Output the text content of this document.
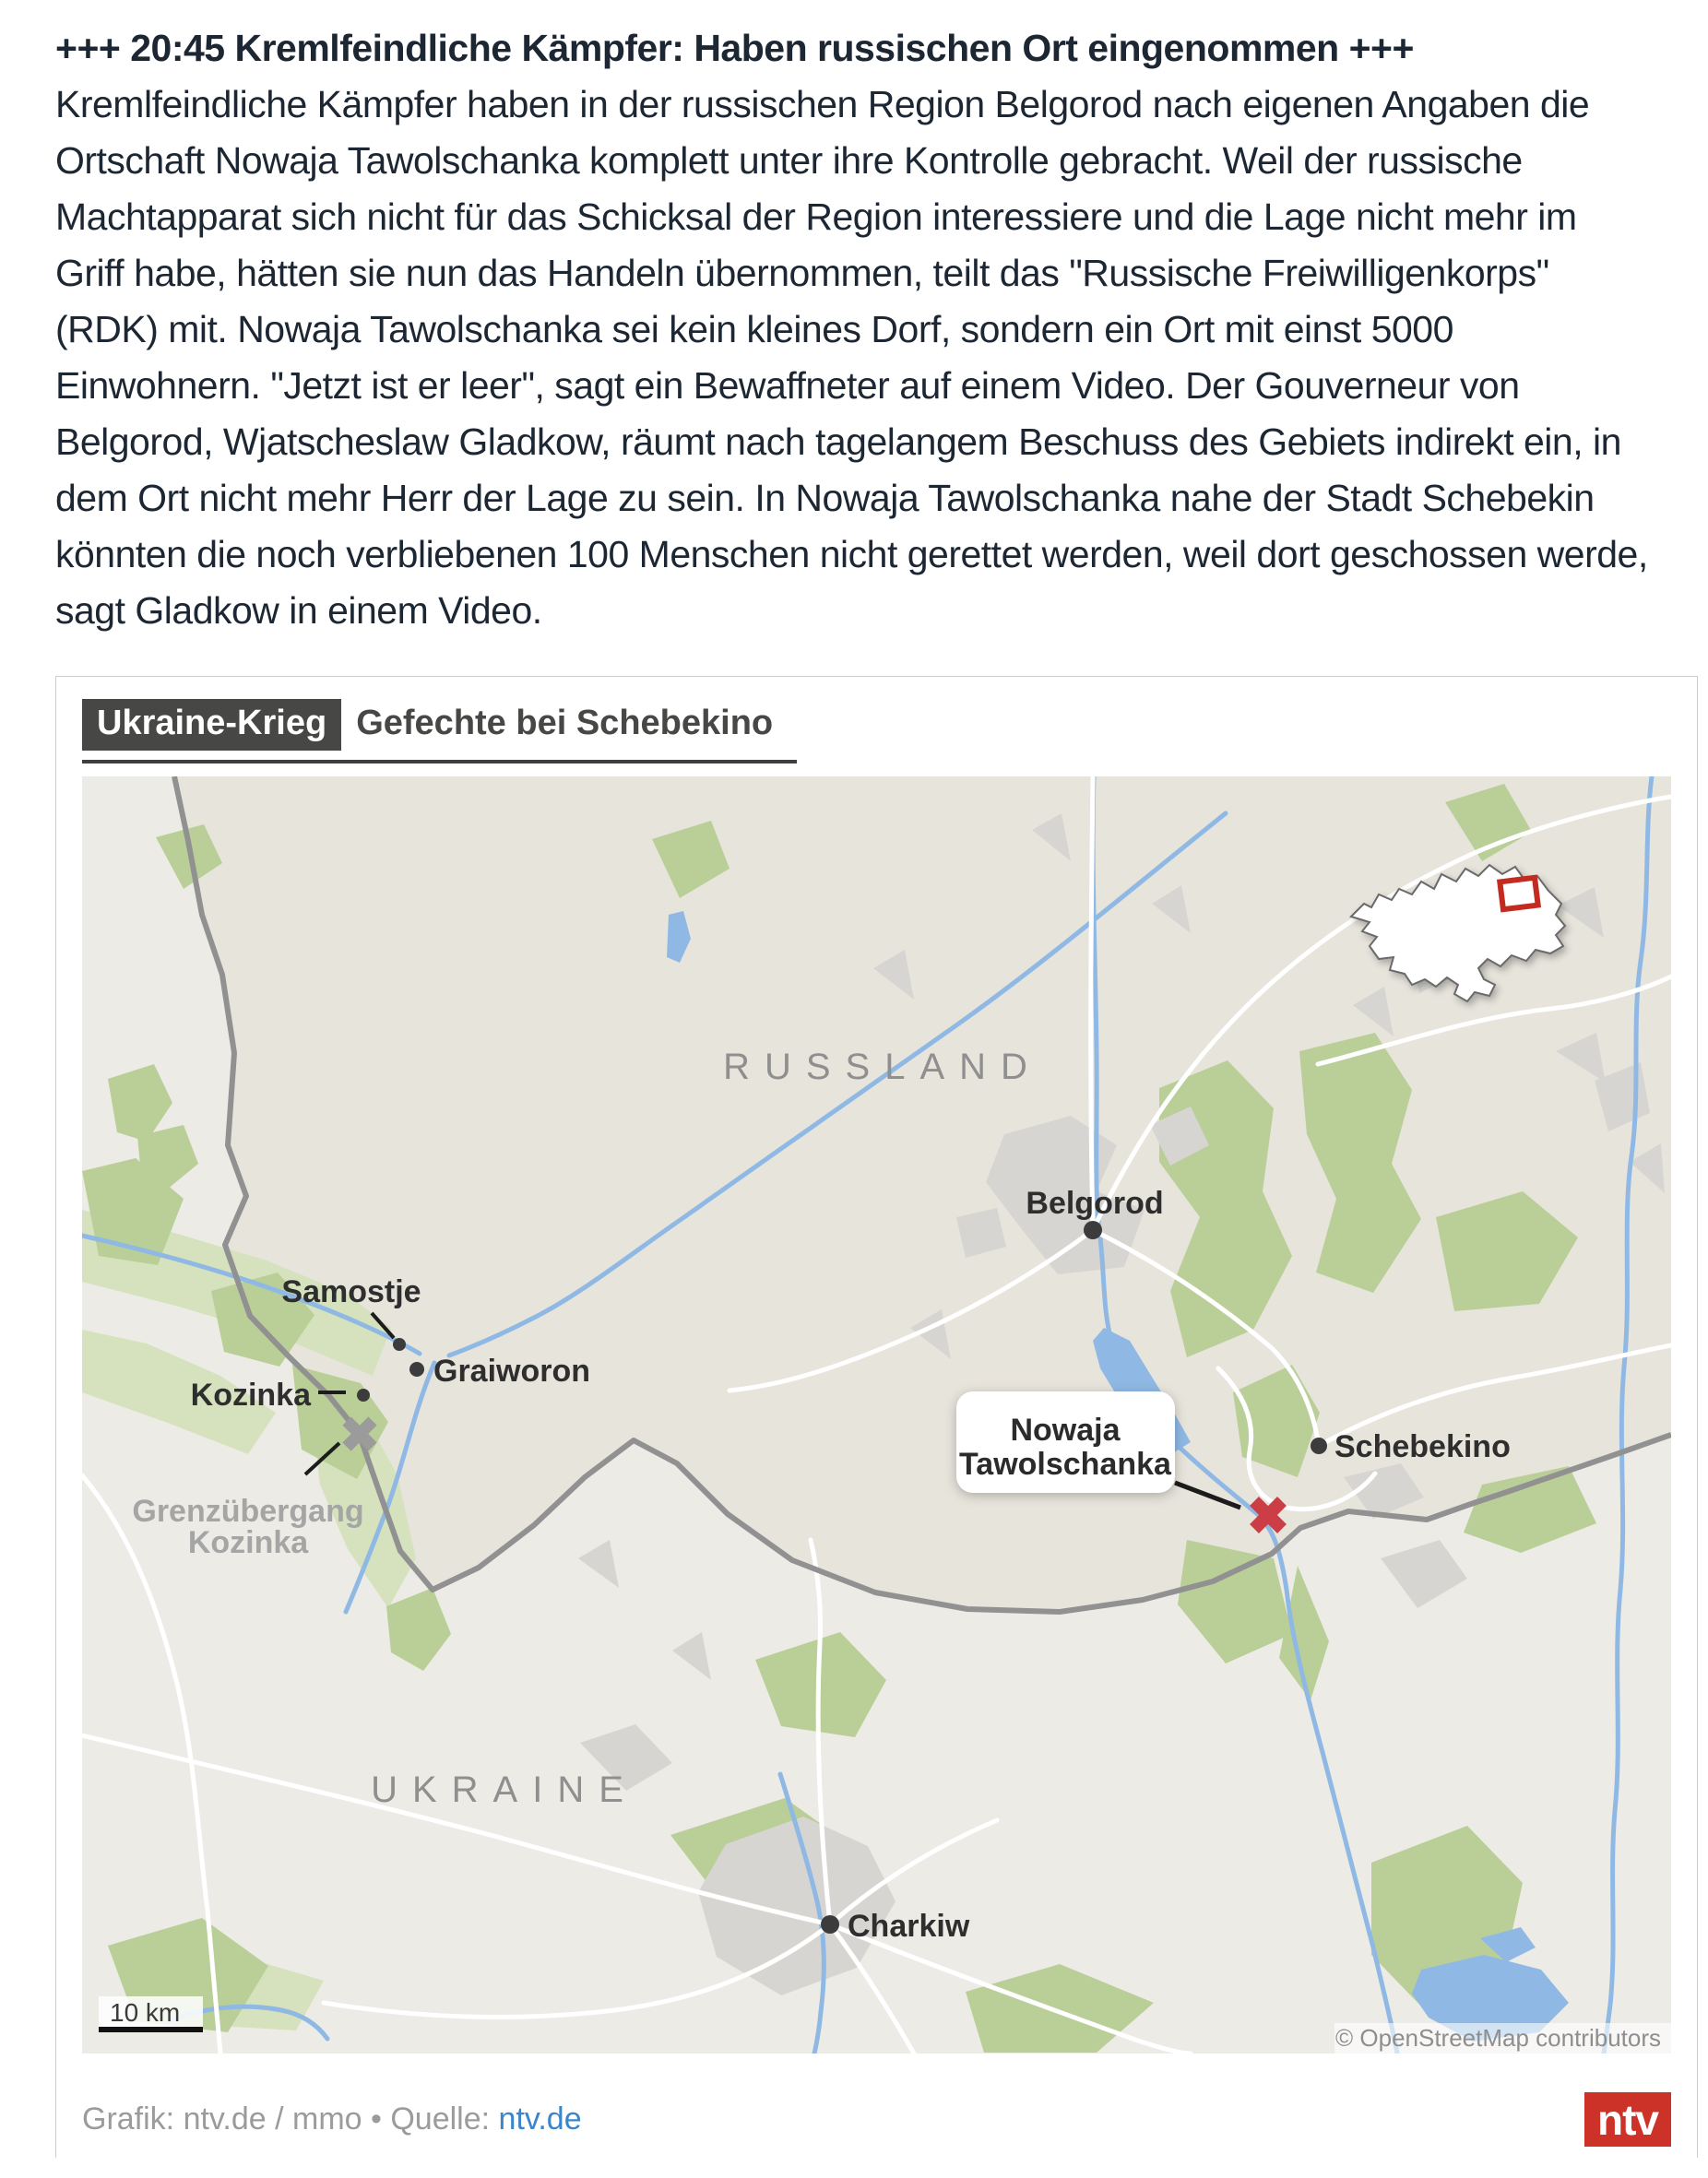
+++ 20:45 Kremlfeindliche Kämpfer: Haben russischen Ort eingenommen +++

Kremlfeindliche Kämpfer haben in der russischen Region Belgorod nach eigenen Angaben die Ortschaft Nowaja Tawolschanka komplett unter ihre Kontrolle gebracht. Weil der russische Machtapparat sich nicht für das Schicksal der Region interessiere und die Lage nicht mehr im Griff habe, hätten sie nun das Handeln übernommen, teilt das "Russische Freiwilligenkorps" (RDK) mit. Nowaja Tawolschanka sei kein kleines Dorf, sondern ein Ort mit einst 5000 Einwohnern. "Jetzt ist er leer", sagt ein Bewaffneter auf einem Video. Der Gouverneur von Belgorod, Wjatscheslaw Gladkow, räumt nach tagelangem Beschuss des Gebiets indirekt ein, in dem Ort nicht mehr Herr der Lage zu sein. In Nowaja Tawolschanka nahe der Stadt Schebekin könnten die noch verbliebenen 100 Menschen nicht gerettet werden, weil dort geschossen werde, sagt Gladkow in einem Video.

Ukraine-Krieg Gefechte bei Schebekino
RUSSLAND
UKRAINE
Belgorod
Schebekino
Charkiw
Samostje
Graiworon
Kozinka
Grenzübergang
Kozinka
Nowaja
Tawolschanka
10 km
© OpenStreetMap contributors
Grafik: ntv.de / mmo • Quelle: ntv.de	ntv
